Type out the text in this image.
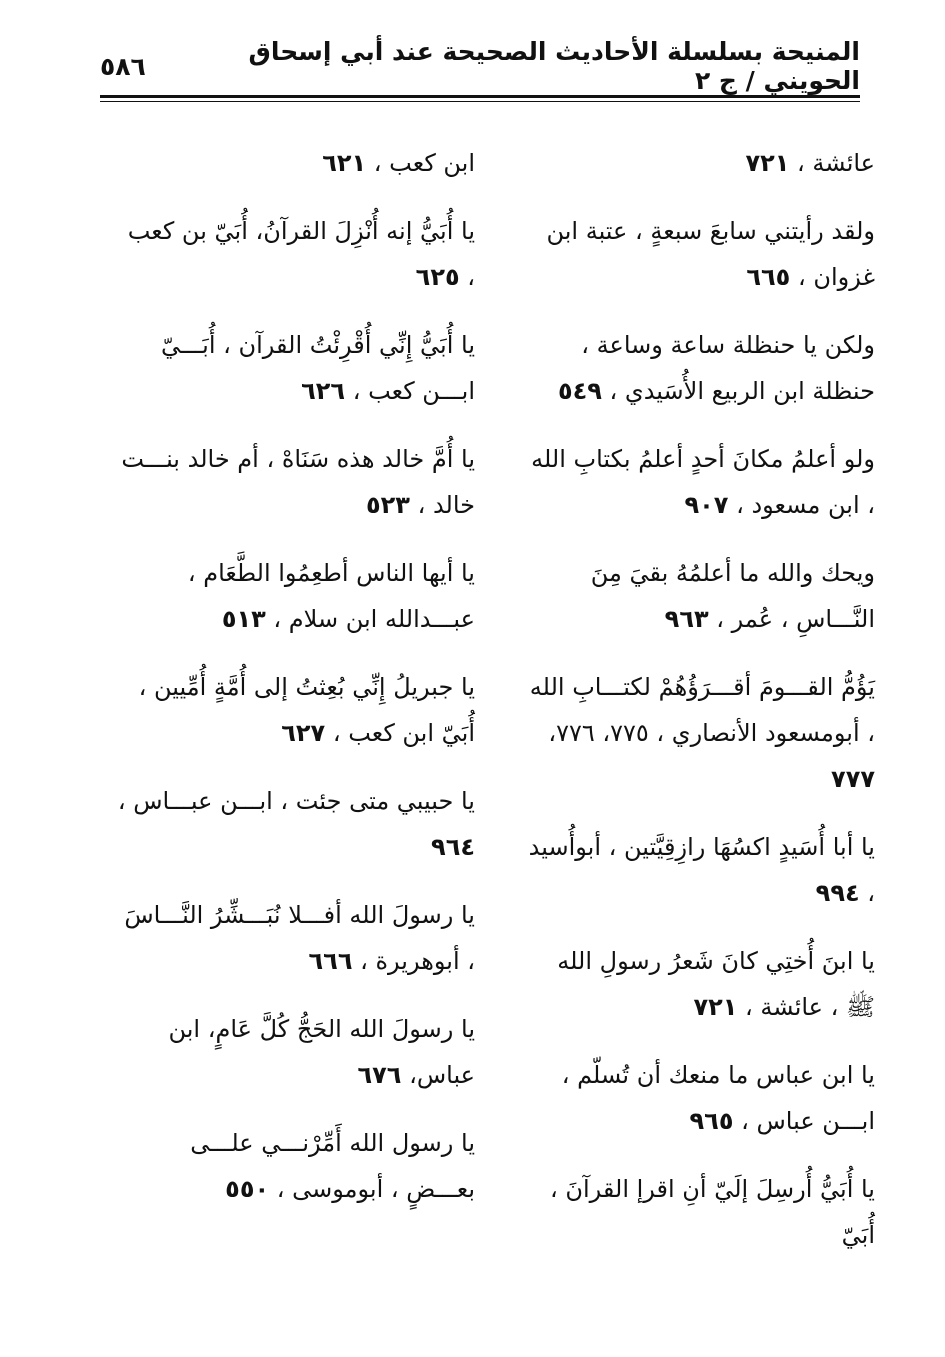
٥٨٦	المنيحة بسلسلة الأحاديث الصحيحة عند أبي إسحاق الحويني / ج ٢
عائشة ، ٧٢١
ولقد رأيتني سابعَ سبعةٍ ، عتبة ابن غزوان ، ٦٦٥
ولكن يا حنظلة ساعة وساعة ، حنظلة ابن الربيع الأُسَيدي ، ٥٤٩
ولو أعلمُ مكانَ أحدٍ أعلمُ بكتابِ الله ، ابن مسعود ، ٩٠٧
ويحك والله ما أعلمُهُ بقيَ مِنَ النَّـــاسِ ، عُمر ، ٩٦٣
يَؤُمُّ القـــومَ أقـــرَؤُهُمْ لكتـــابِ الله ، أبومسعود الأنصاري ، ٧٧٥، ٧٧٦، ٧٧٧
يا أبا أُسَيدٍ اكسُهَا رازِقِيَّتين ، أبوأُسيد ، ٩٩٤
يا ابنَ أُختِي كانَ شَعرُ رسولِ الله ﷺ ، عائشة ، ٧٢١
يا ابن عباس ما منعك أن تُسلّم ، ابـــن عباس ، ٩٦٥
يا أُبَيُّ أُرسِلَ إلَيّ أنِ اقرإ القرآنَ ، أُبَيّ
ابن كعب ، ٦٢١
يا أُبَيُّ إنه أُنْزِلَ القرآنُ، أُبَيّ بن كعب ، ٦٢٥
يا أُبَيُّ إِنِّي أُقْرِئْتُ القرآن ، أُبَـــيّ ابـــن كعب ، ٦٢٦
يا أُمَّ خالد هذه سَنَاهْ ، أم خالد بنـــت خالد ، ٥٢٣
يا أيها الناس أطعِمُوا الطَّعَام ، عبـــدالله ابن سلام ، ٥١٣
يا جبريلُ إِنِّي بُعِثتُ إلى أُمَّةٍ أُمِّيين ، أُبَيّ ابن كعب ، ٦٢٧
يا حبيبي متى جئت ، ابـــن عبـــاس ، ٩٦٤
يا رسولَ الله أفـــلا نُبَـــشِّرُ النَّـــاسَ ، أبوهريرة ، ٦٦٦
يا رسولَ الله الحَجُّ كُلَّ عَامٍ، ابن عباس، ٦٧٦
يا رسول الله أَمِّرْنـــي علـــى بعـــضٍ ، أبوموسى ، ٥٥٠
